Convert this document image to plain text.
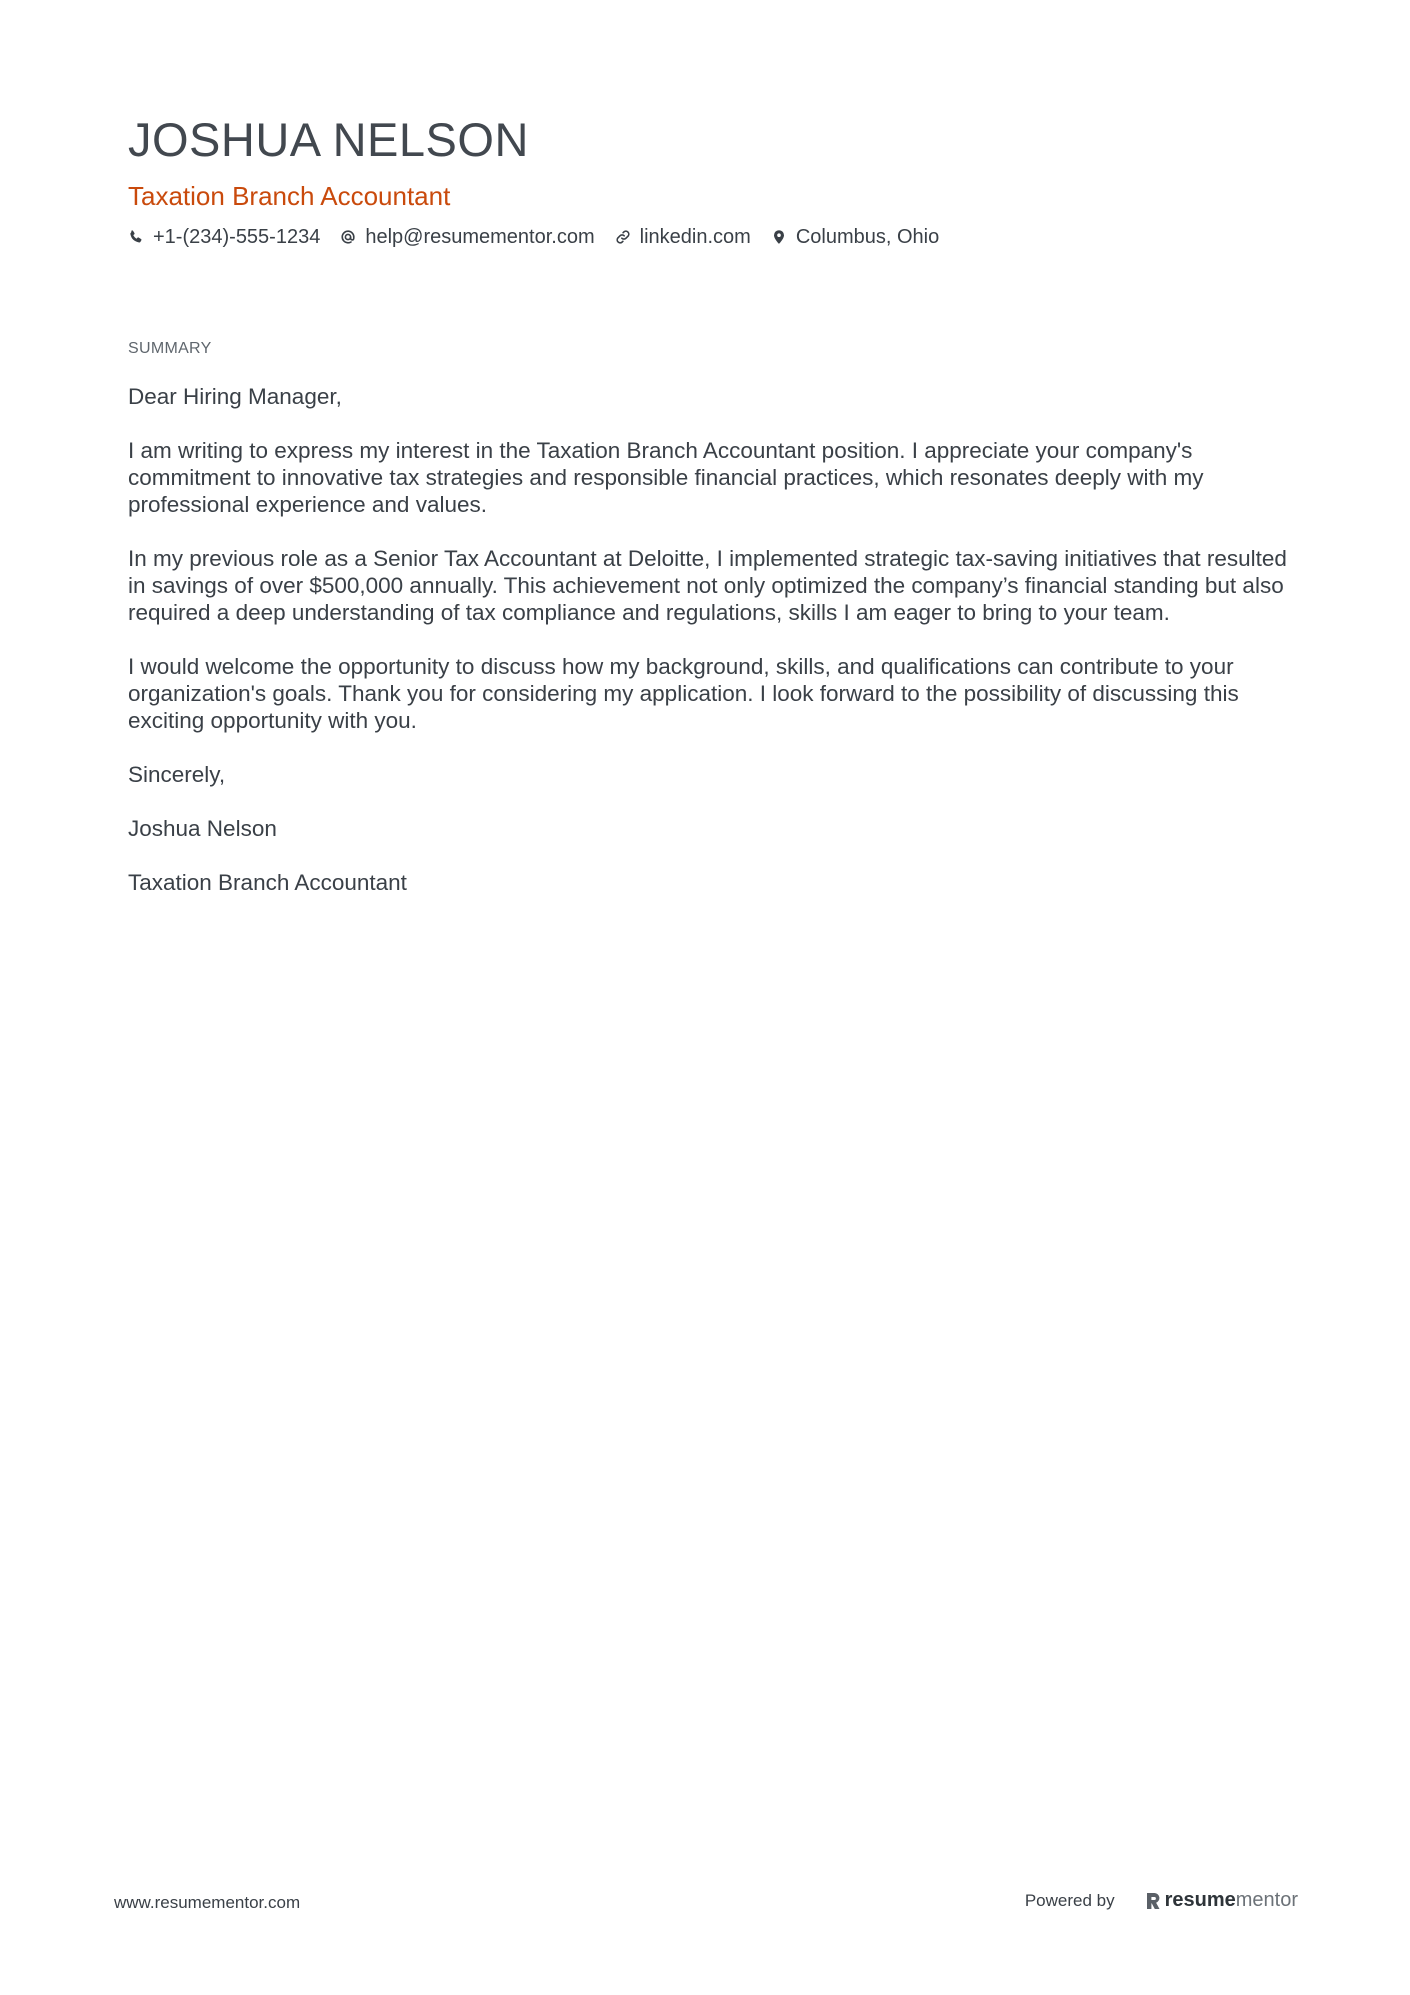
JOSHUA NELSON
Taxation Branch Accountant
+1-(234)-555-1234 help@resumementor.com linkedin.com Columbus, Ohio
SUMMARY

Dear Hiring Manager,

I am writing to express my interest in the Taxation Branch Accountant position. I appreciate your company's commitment to innovative tax strategies and responsible financial practices, which resonates deeply with my professional experience and values.

In my previous role as a Senior Tax Accountant at Deloitte, I implemented strategic tax-saving initiatives that resulted in savings of over $500,000 annually. This achievement not only optimized the company’s financial standing but also required a deep understanding of tax compliance and regulations, skills I am eager to bring to your team.

I would welcome the opportunity to discuss how my background, skills, and qualifications can contribute to your organization's goals. Thank you for considering my application. I look forward to the possibility of discussing this exciting opportunity with you.

Sincerely,

Joshua Nelson

Taxation Branch Accountant

www.resumementor.com	Powered by	resume mentor
